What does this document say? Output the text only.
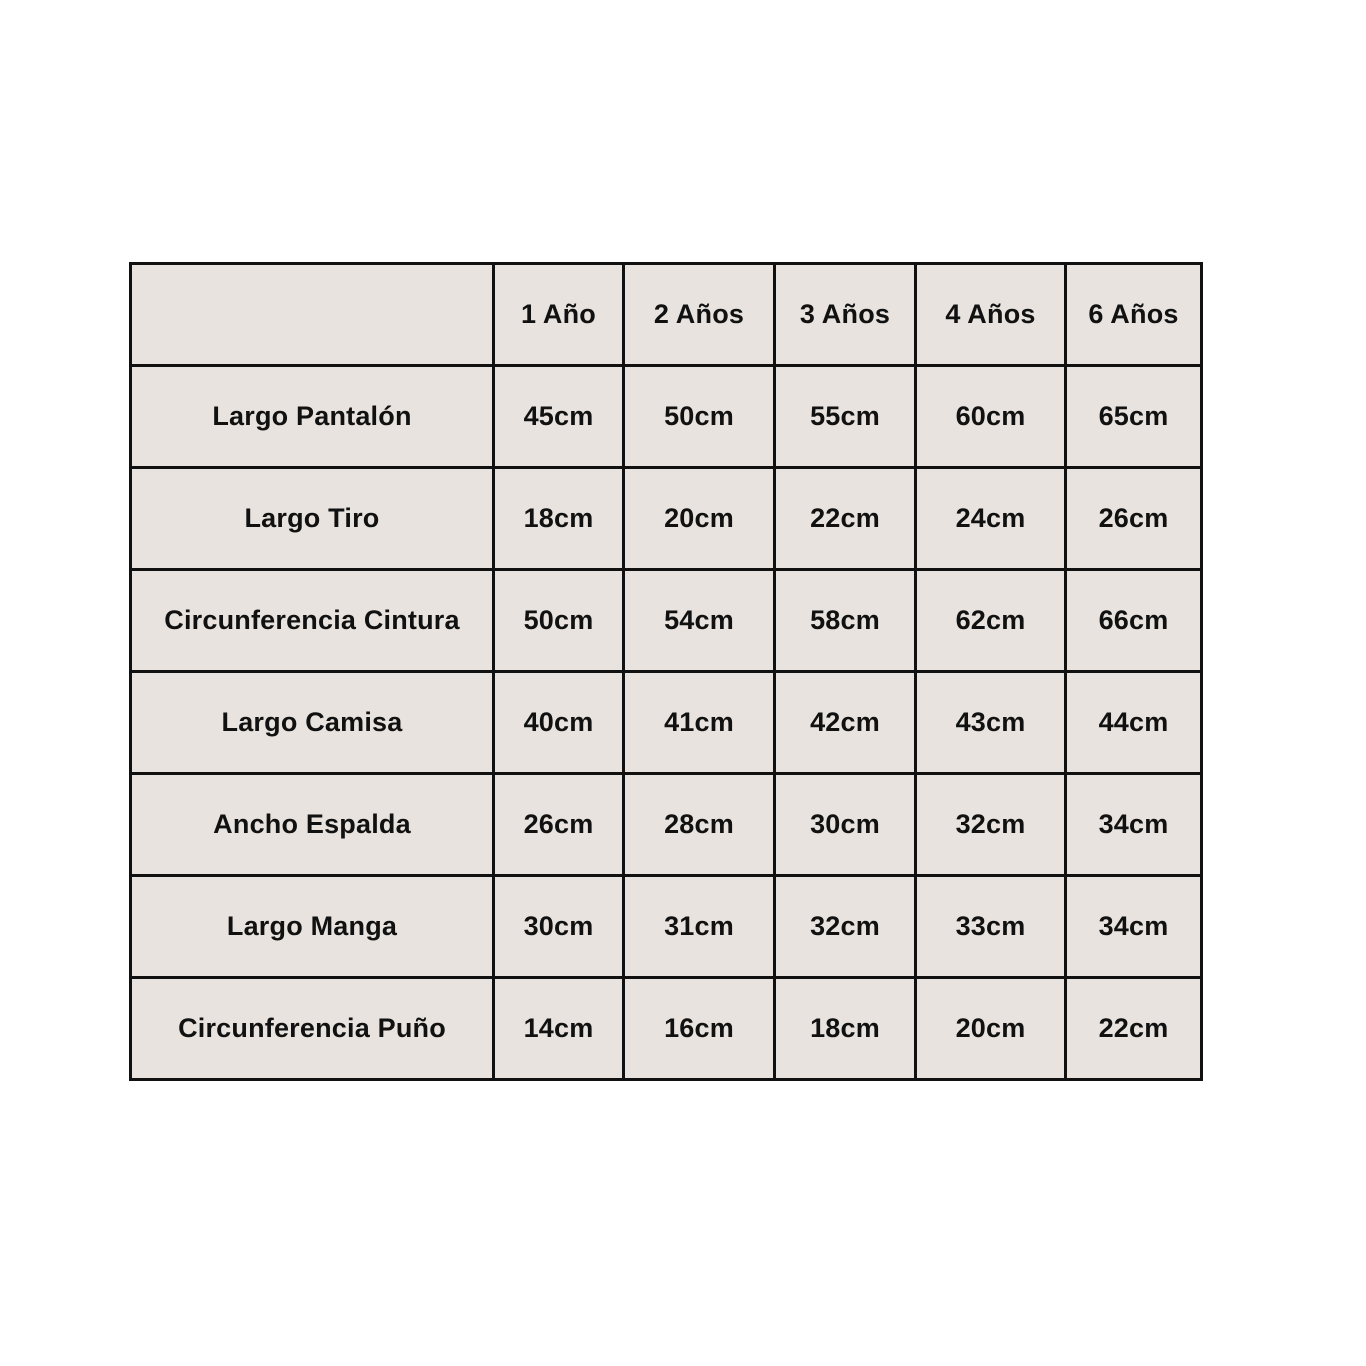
	1 Año	2 Años	3 Años	4 Años	6 Años
Largo Pantalón	45cm	50cm	55cm	60cm	65cm
Largo Tiro	18cm	20cm	22cm	24cm	26cm
Circunferencia Cintura	50cm	54cm	58cm	62cm	66cm
Largo Camisa	40cm	41cm	42cm	43cm	44cm
Ancho Espalda	26cm	28cm	30cm	32cm	34cm
Largo Manga	30cm	31cm	32cm	33cm	34cm
Circunferencia Puño	14cm	16cm	18cm	20cm	22cm
